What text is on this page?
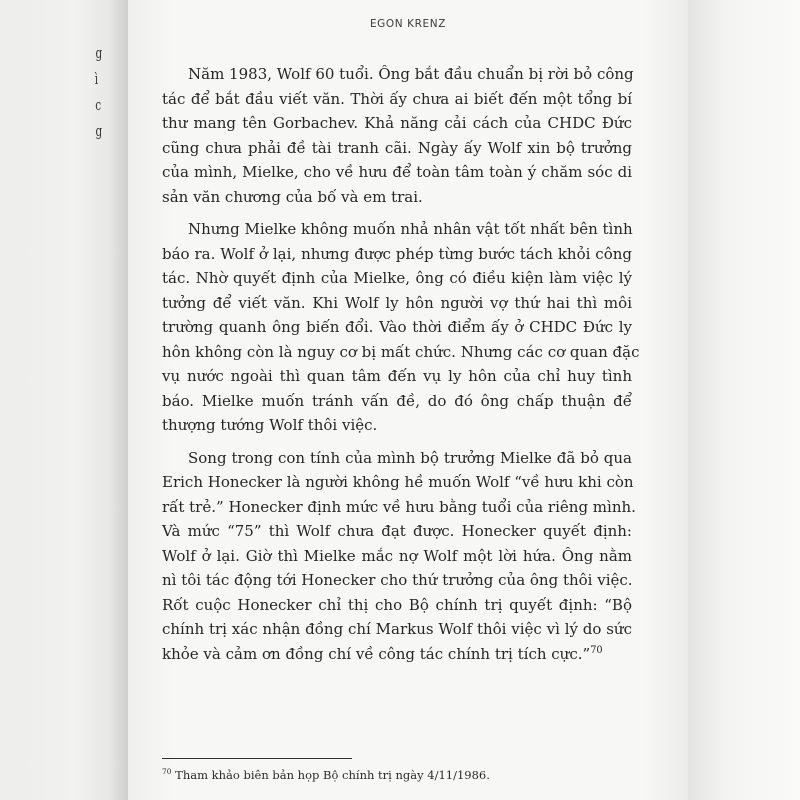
g
ì
c
g
EGON KRENZ
Năm 1983, Wolf 60 tuổi. Ông bắt đầu chuẩn bị rời bỏ công
tác để bắt đầu viết văn. Thời ấy chưa ai biết đến một tổng bí
thư mang tên Gorbachev. Khả năng cải cách của CHDC Đức
cũng chưa phải đề tài tranh cãi. Ngày ấy Wolf xin bộ trưởng
của mình, Mielke, cho về hưu để toàn tâm toàn ý chăm sóc di
sản văn chương của bố và em trai.
Nhưng Mielke không muốn nhả nhân vật tốt nhất bên tình
báo ra. Wolf ở lại, nhưng được phép từng bước tách khỏi công
tác. Nhờ quyết định của Mielke, ông có điều kiện làm việc lý
tưởng để viết văn. Khi Wolf ly hôn người vợ thứ hai thì môi
trường quanh ông biến đổi. Vào thời điểm ấy ở CHDC Đức ly
hôn không còn là nguy cơ bị mất chức. Nhưng các cơ quan đặc
vụ nước ngoài thì quan tâm đến vụ ly hôn của chỉ huy tình
báo. Mielke muốn tránh vấn đề, do đó ông chấp thuận để
thượng tướng Wolf thôi việc.
Song trong con tính của mình bộ trưởng Mielke đã bỏ qua
Erich Honecker là người không hề muốn Wolf “về hưu khi còn
rất trẻ.” Honecker định mức về hưu bằng tuổi của riêng mình.
Và mức “75” thì Wolf chưa đạt được. Honecker quyết định:
Wolf ở lại. Giờ thì Mielke mắc nợ Wolf một lời hứa. Ông nằm
nì tôi tác động tới Honecker cho thứ trưởng của ông thôi việc.
Rốt cuộc Honecker chỉ thị cho Bộ chính trị quyết định: “Bộ
chính trị xác nhận đồng chí Markus Wolf thôi việc vì lý do sức
khỏe và cảm ơn đồng chí về công tác chính trị tích cực.”$^{70}$
$^{70}$ Tham khảo biên bản họp Bộ chính trị ngày 4/11/1986.
